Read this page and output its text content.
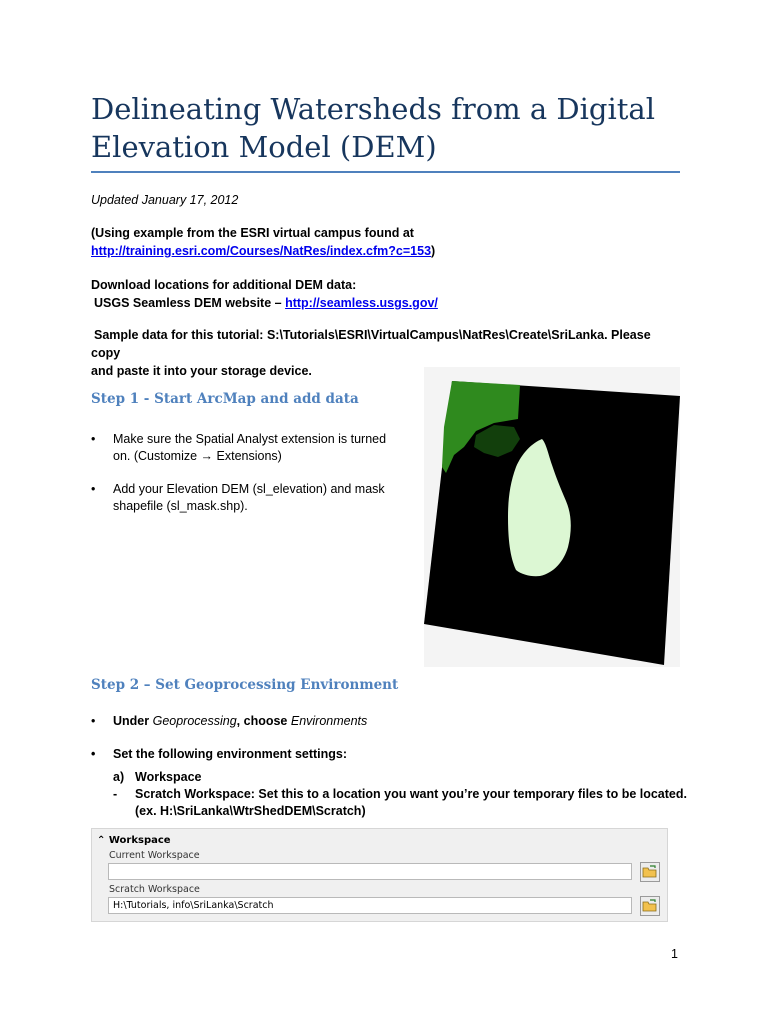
Delineating Watersheds from a Digital Elevation Model (DEM)
Updated January 17, 2012
(Using example from the ESRI virtual campus found at
http://training.esri.com/Courses/NatRes/index.cfm?c=153)
Download locations for additional DEM data:
USGS Seamless DEM website – http://seamless.usgs.gov/
Sample data for this tutorial: S:\Tutorials\ESRI\VirtualCampus\NatRes\Create\SriLanka. Please copy
and paste it into your storage device.
Step 1 - Start ArcMap and add data
• Make sure the Spatial Analyst extension is turned on. (Customize → Extensions)
• Add your Elevation DEM (sl_elevation) and mask shapefile (sl_mask.shp).
Step 2 – Set Geoprocessing Environment
• Under Geoprocessing, choose Environments
• Set the following environment settings:
a) Workspace
- Scratch Workspace: Set this to a location you want you’re your temporary files to be located.
(ex. H:\SriLanka\WtrShedDEM\Scratch)
⌃ Workspace
Current Workspace
Scratch Workspace
H:\Tutorials, info\SriLanka\Scratch
1
